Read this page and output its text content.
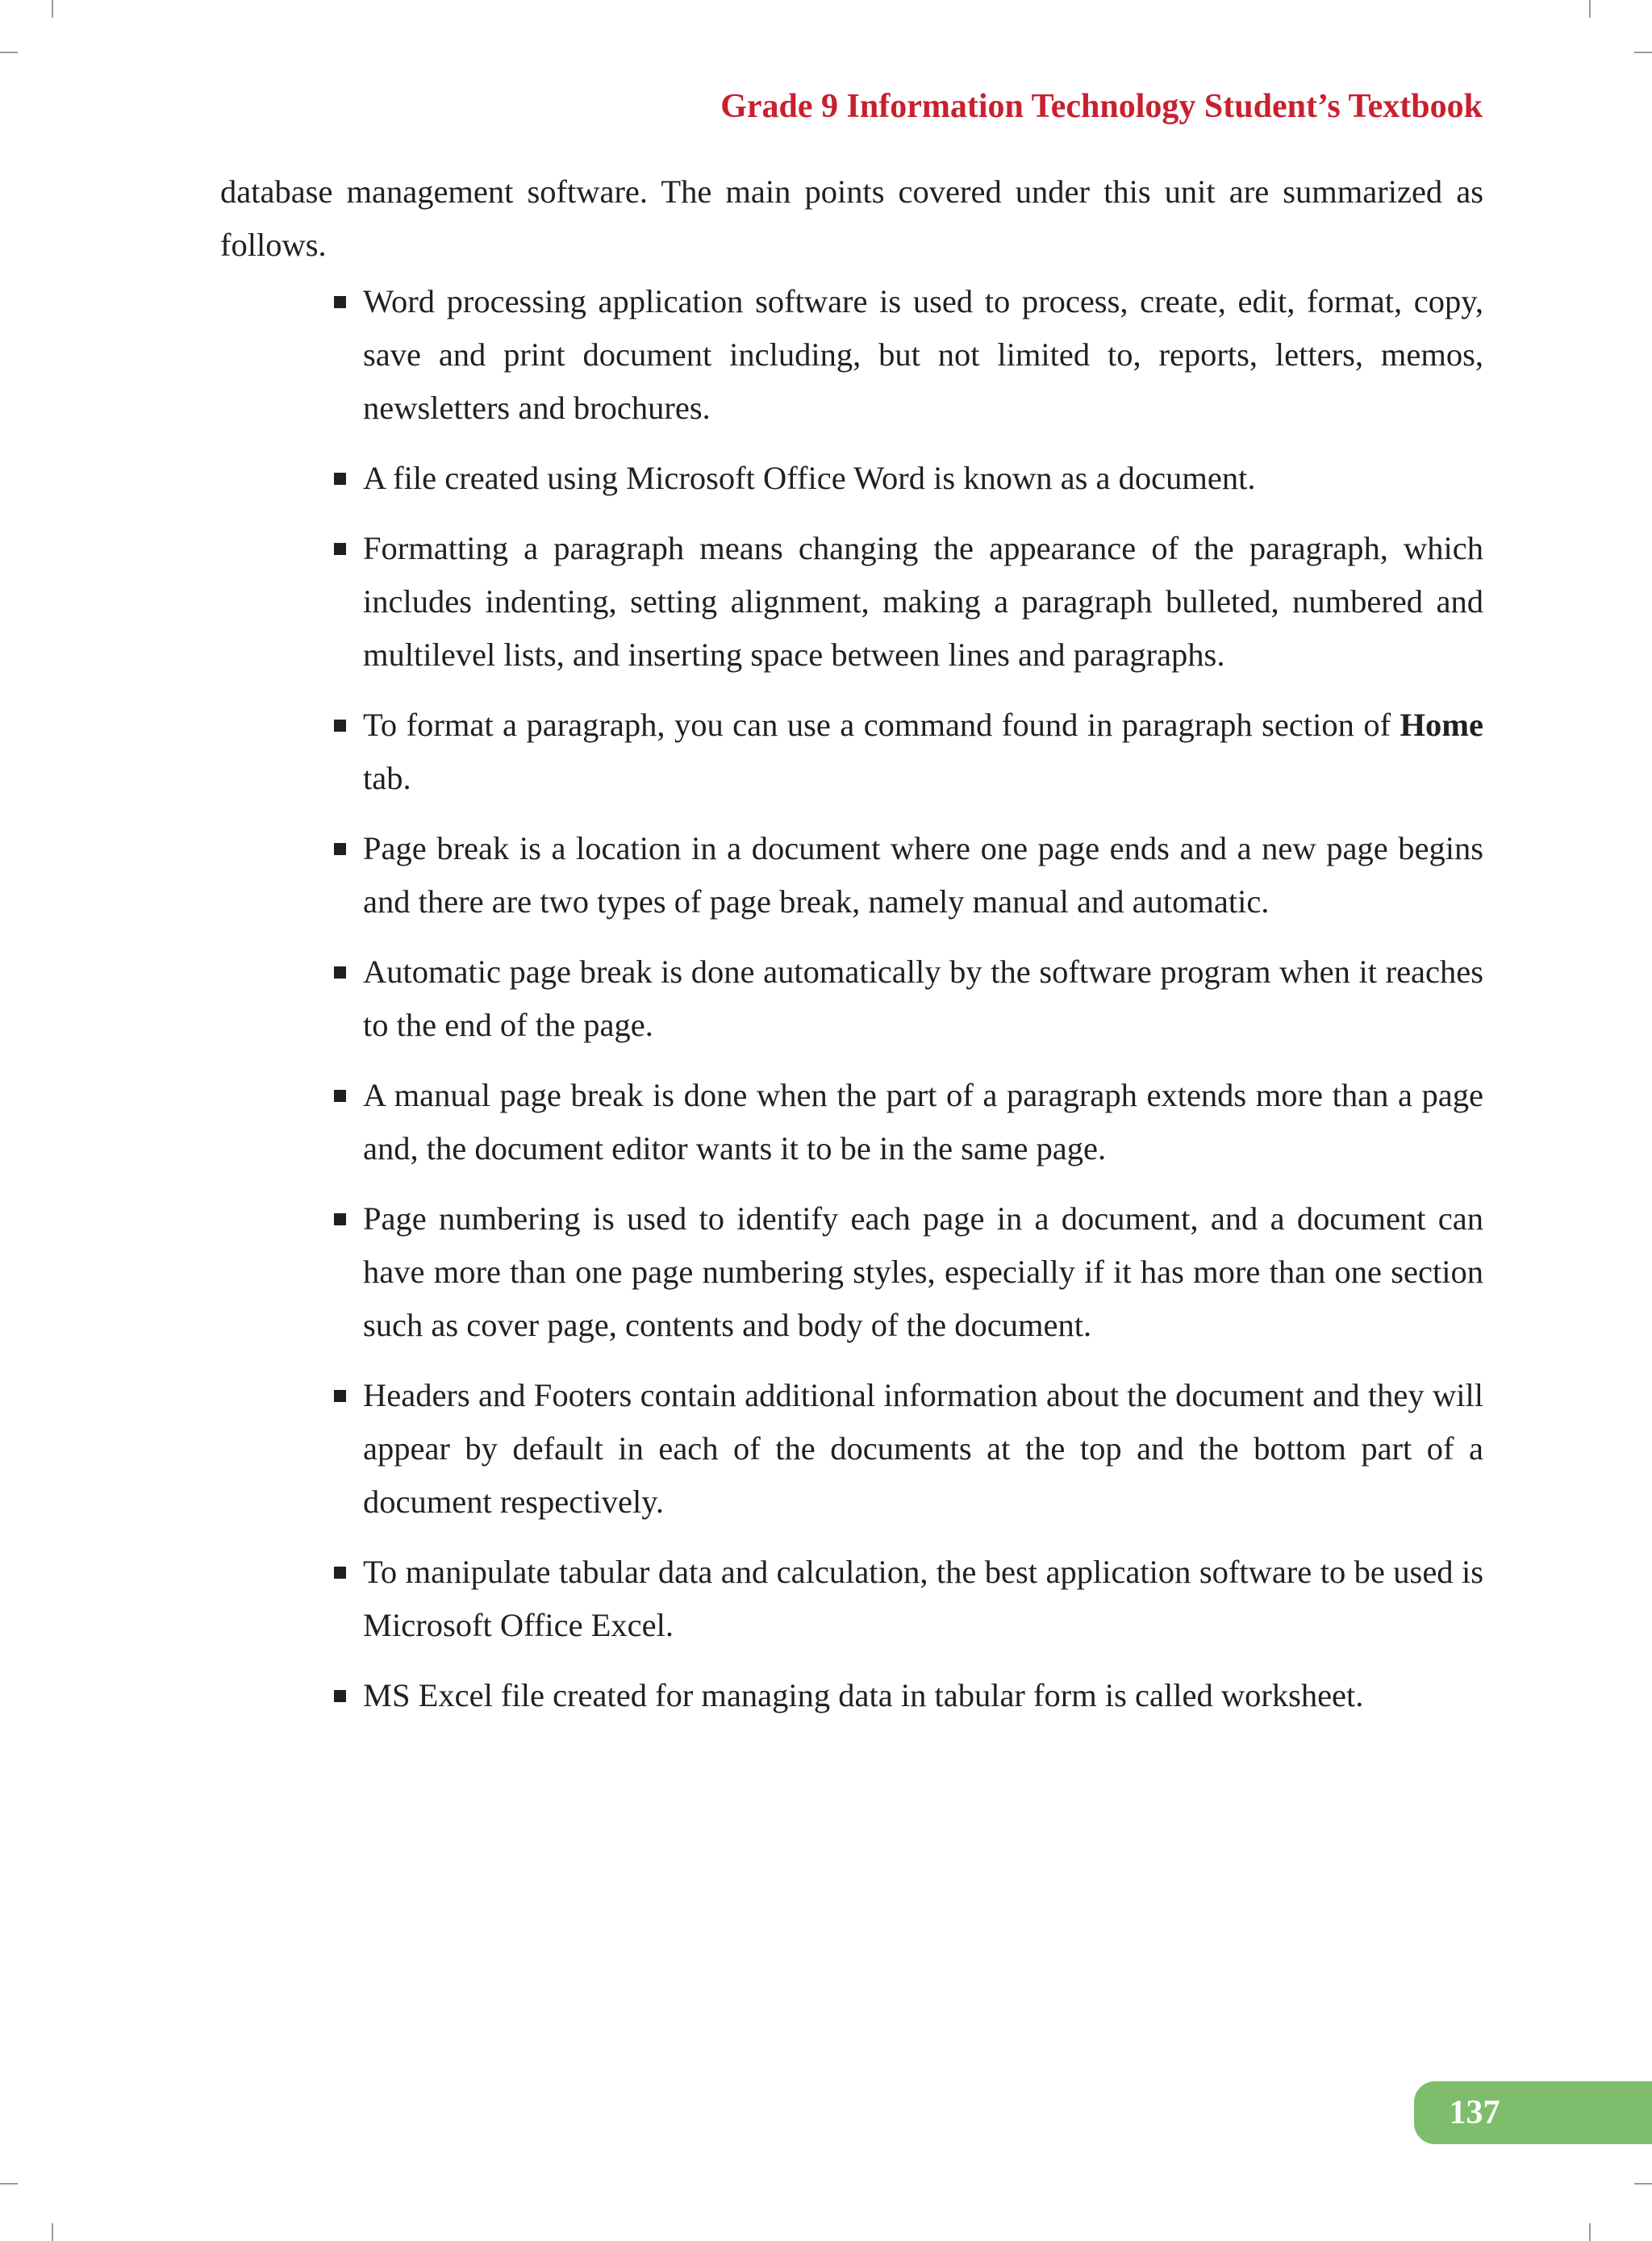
Grade 9 Information Technology Student’s Textbook

database management software. The main points covered under this unit are summarized as follows.

Word processing application software is used to process, create, edit, format, copy, save and print document including, but not limited to, reports, letters, memos, newsletters and brochures.
A file created using Microsoft Office Word is known as a document.
Formatting a paragraph means changing the appearance of the paragraph, which includes indenting, setting alignment, making a paragraph bulleted, numbered and multilevel lists, and inserting space between lines and paragraphs.
To format a paragraph, you can use a command found in paragraph section of Home tab.
Page break is a location in a document where one page ends and a new page begins and there are two types of page break, namely manual and automatic.
Automatic page break is done automatically by the software program when it reaches to the end of the page.
A manual page break is done when the part of a paragraph extends more than a page and, the document editor wants it to be in the same page.
Page numbering is used to identify each page in a document, and a document can have more than one page numbering styles, especially if it has more than one section such as cover page, contents and body of the document.
Headers and Footers contain additional information about the document and they will appear by default in each of the documents at the top and the bottom part of a document respectively.
To manipulate tabular data and calculation, the best application software to be used is Microsoft Office Excel.
MS Excel file created for managing data in tabular form is called worksheet.
137
